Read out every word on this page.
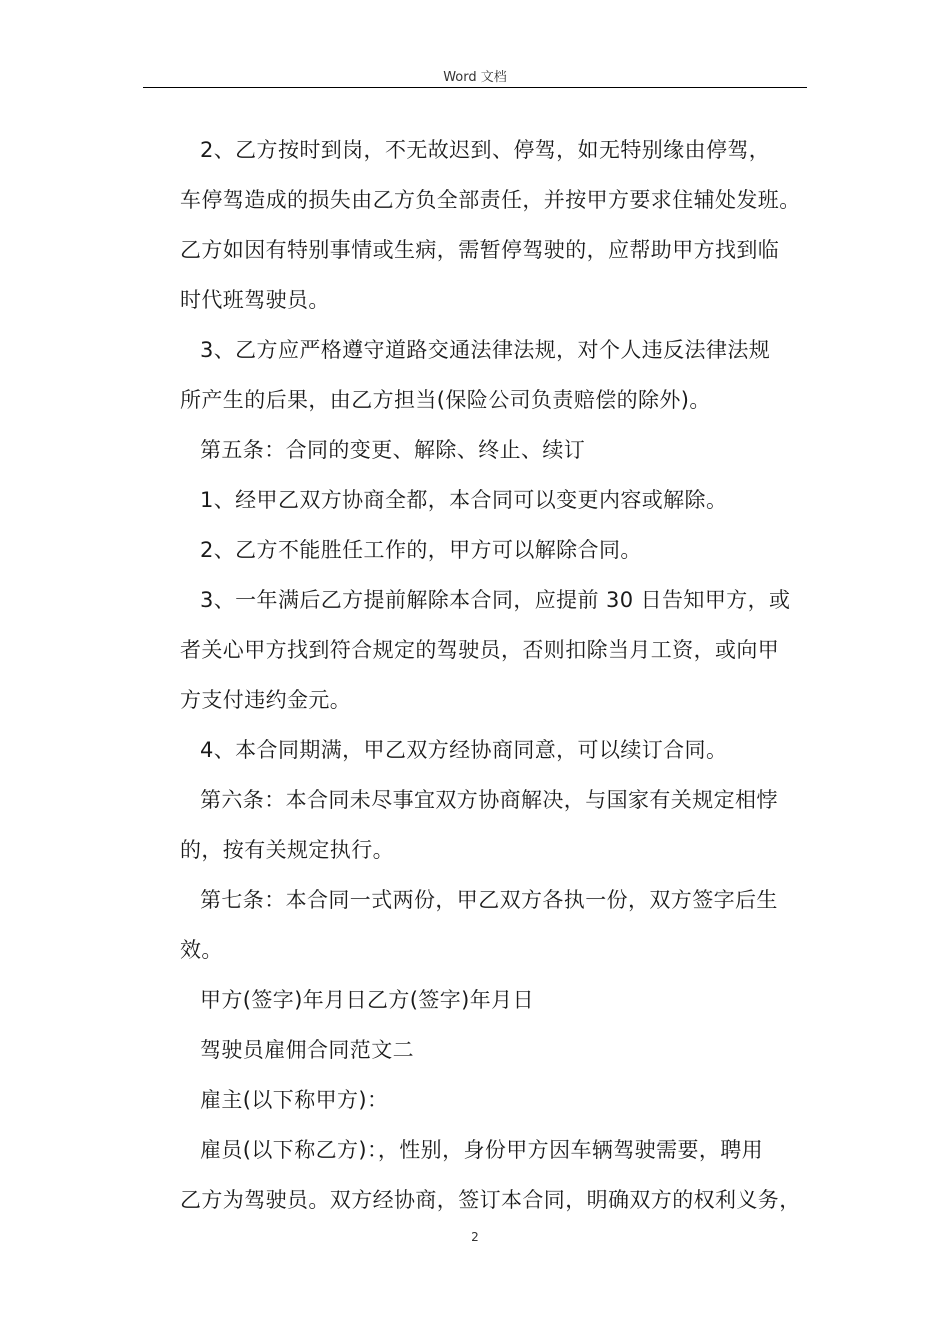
Word 文档
2、乙方按时到岗，不无故迟到、停驾，如无特别缘由停驾，
车停驾造成的损失由乙方负全部责任，并按甲方要求住辅处发班。
乙方如因有特别事情或生病，需暂停驾驶的，应帮助甲方找到临
时代班驾驶员。
3、乙方应严格遵守道路交通法律法规，对个人违反法律法规
所产生的后果，由乙方担当(保险公司负责赔偿的除外)。
第五条：合同的变更、解除、终止、续订
1、经甲乙双方协商全都，本合同可以变更内容或解除。
2、乙方不能胜任工作的，甲方可以解除合同。
3、一年满后乙方提前解除本合同，应提前 30 日告知甲方，或
者关心甲方找到符合规定的驾驶员，否则扣除当月工资，或向甲
方支付违约金元。
4、本合同期满，甲乙双方经协商同意，可以续订合同。
第六条：本合同未尽事宜双方协商解决，与国家有关规定相悖
的，按有关规定执行。
第七条：本合同一式两份，甲乙双方各执一份，双方签字后生
效。
甲方(签字)年月日乙方(签字)年月日
驾驶员雇佣合同范文二
雇主(以下称甲方)：
雇员(以下称乙方)：，性别，身份甲方因车辆驾驶需要，聘用
乙方为驾驶员。双方经协商，签订本合同，明确双方的权利义务，
2
